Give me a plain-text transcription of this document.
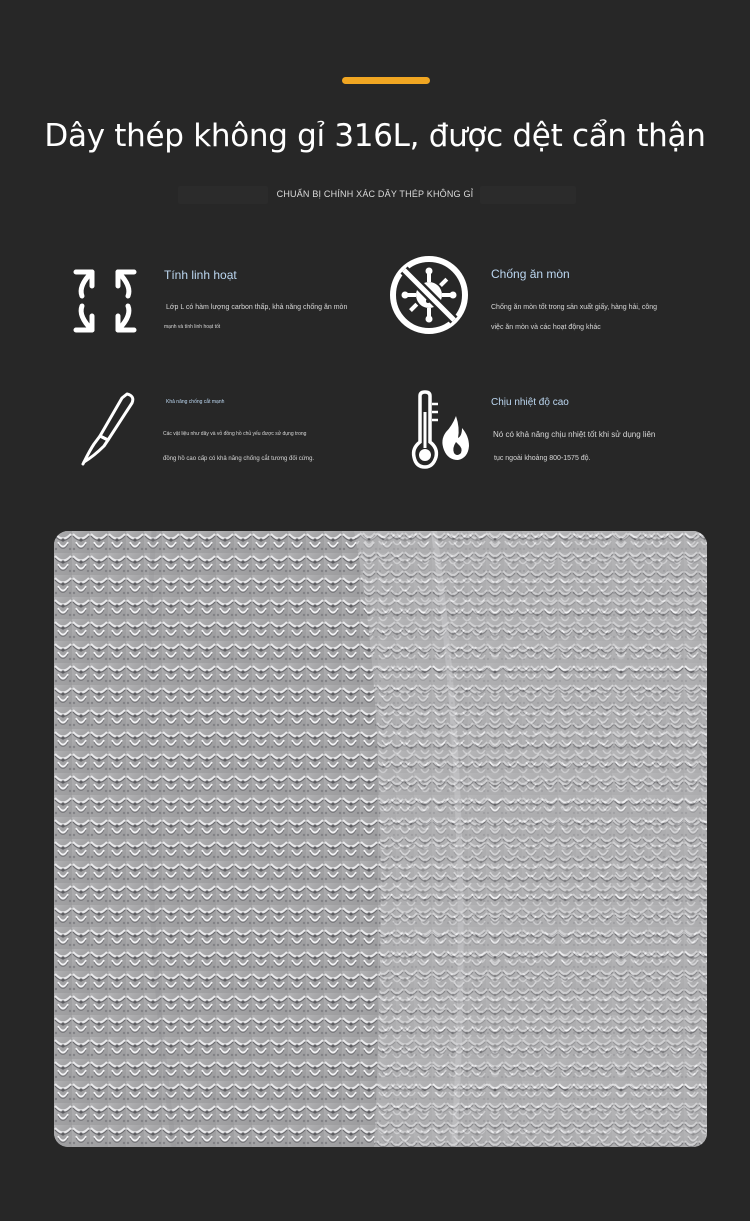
Dây thép không gỉ 316L, được dệt cẩn thận
CHUẨN BỊ CHÍNH XÁC DÂY THÉP KHÔNG GỈ
Tính linh hoạt
Lớp L có hàm lượng carbon thấp, khả năng chống ăn mòn
mạnh và tính linh hoạt tốt
Chống ăn mòn
Chống ăn mòn tốt trong sản xuất giấy, hàng hải, công
việc ăn mòn và các hoạt động khác
Khả năng chống cắt mạnh
Các vật liệu như dây và vỏ đồng hồ chủ yếu được sử dụng trong
đồng hồ cao cấp có khả năng chống cắt tương đối cứng.
Chịu nhiệt độ cao
Nó có khả năng chịu nhiệt tốt khi sử dụng liên
tục ngoài khoảng 800-1575 độ.
